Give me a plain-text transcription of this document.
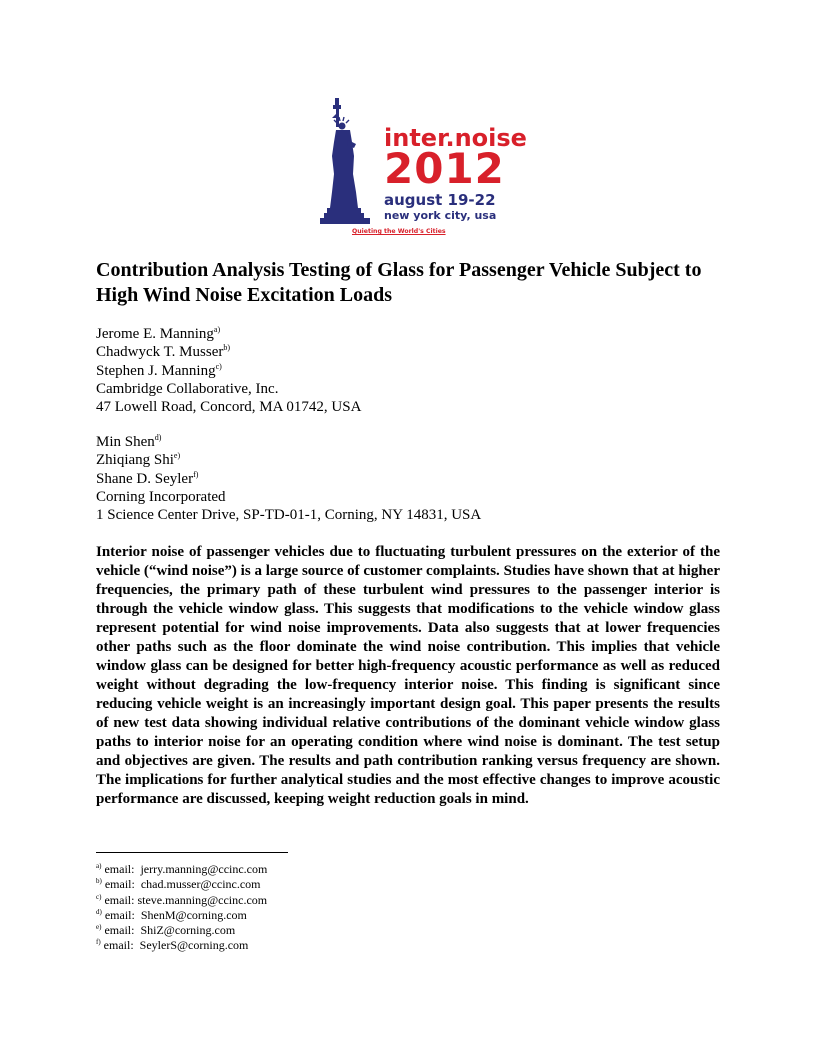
inter.noise
2012
august 19-22
new york city, usa
Quieting the World's Cities
Contribution Analysis Testing of Glass for Passenger Vehicle Subject to High Wind Noise Excitation Loads
Jerome E. Manning$^{a)}$
Chadwyck T. Musser$^{b)}$
Stephen J. Manning$^{c)}$
Cambridge Collaborative, Inc.
47 Lowell Road, Concord, MA 01742, USA
Min Shen$^{d)}$
Zhiqiang Shi$^{e)}$
Shane D. Seyler$^{f)}$
Corning Incorporated
1 Science Center Drive, SP-TD-01-1, Corning, NY 14831, USA

Interior noise of passenger vehicles due to fluctuating turbulent pressures on the exterior of the vehicle (“wind noise”) is a large source of customer complaints. Studies have shown that at higher frequencies, the primary path of these turbulent wind pressures to the passenger interior is through the vehicle window glass. This suggests that modifications to the vehicle window glass represent potential for wind noise improvements. Data also suggests that at lower frequencies other paths such as the floor dominate the wind noise contribution. This implies that vehicle window glass can be designed for better high-frequency acoustic performance as well as reduced weight without degrading the low-frequency interior noise. This finding is significant since reducing vehicle weight is an increasingly important design goal. This paper presents the results of new test data showing individual relative contributions of the dominant vehicle window glass paths to interior noise for an operating condition where wind noise is dominant. The test setup and objectives are given. The results and path contribution ranking versus frequency are shown. The implications for further analytical studies and the most effective changes to improve acoustic performance are discussed, keeping weight reduction goals in mind.

$^{a)}$ email: jerry.manning@ccinc.com
$^{b)}$ email: chad.musser@ccinc.com
$^{c)}$ email: steve.manning@ccinc.com
$^{d)}$ email: ShenM@corning.com
$^{e)}$ email: ShiZ@corning.com
$^{f)}$ email: SeylerS@corning.com
